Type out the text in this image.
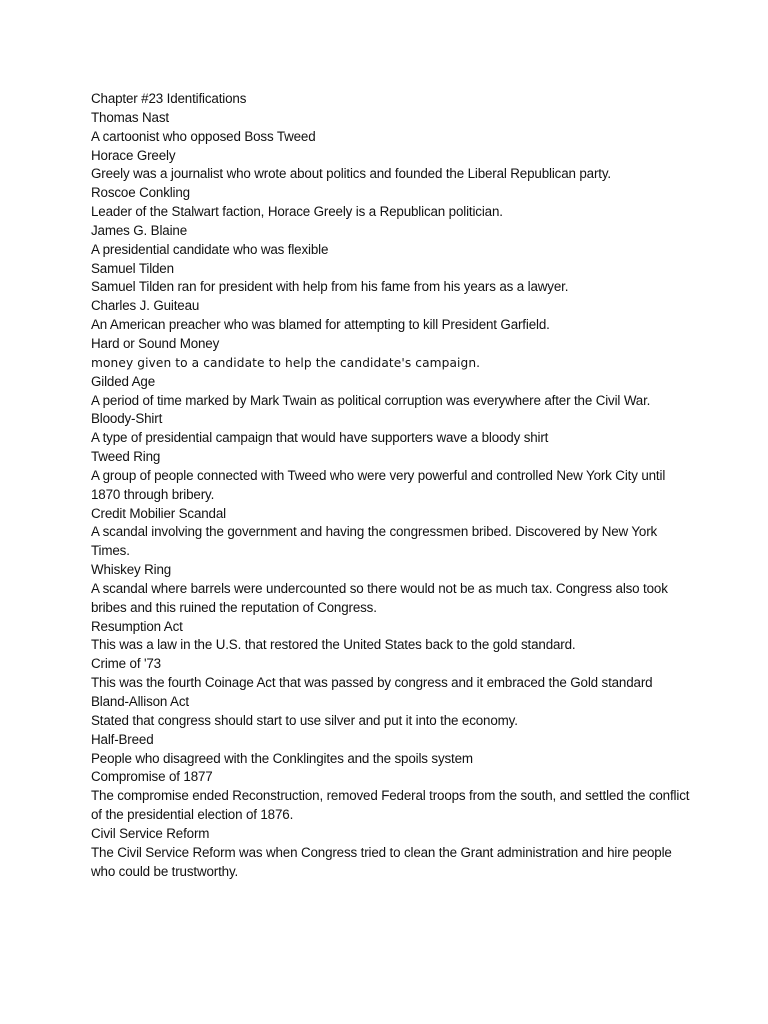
Chapter #23 Identifications
Thomas Nast
A cartoonist who opposed Boss Tweed
Horace Greely
Greely was a journalist who wrote about politics and founded the Liberal Republican party.
Roscoe Conkling
Leader of the Stalwart faction, Horace Greely is a Republican politician.
James G. Blaine
A presidential candidate who was flexible
Samuel Tilden
Samuel Tilden ran for president with help from his fame from his years as a lawyer.
Charles J. Guiteau
An American preacher who was blamed for attempting to kill President Garfield.
Hard or Sound Money
money given to a candidate to help the candidate's campaign.
Gilded Age
A period of time marked by Mark Twain as political corruption was everywhere after the Civil War.
Bloody-Shirt
A type of presidential campaign that would have supporters wave a bloody shirt
Tweed Ring
A group of people connected with Tweed who were very powerful and controlled New York City until 1870 through bribery.
Credit Mobilier Scandal
A scandal involving the government and having the congressmen bribed. Discovered by New York Times.
Whiskey Ring
A scandal where barrels were undercounted so there would not be as much tax. Congress also took bribes and this ruined the reputation of Congress.
Resumption Act
This was a law in the U.S. that restored the United States back to the gold standard.
Crime of '73
This was the fourth Coinage Act that was passed by congress and it embraced the Gold standard
Bland-Allison Act
Stated that congress should start to use silver and put it into the economy.
Half-Breed
People who disagreed with the Conklingites and the spoils system
Compromise of 1877
The compromise ended Reconstruction, removed Federal troops from the south, and settled the conflict of the presidential election of 1876.
Civil Service Reform
The Civil Service Reform was when Congress tried to clean the Grant administration and hire people who could be trustworthy.
